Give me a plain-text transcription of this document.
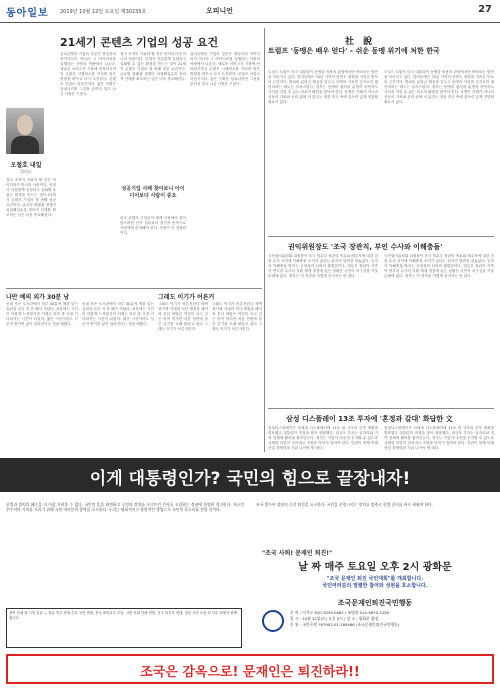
동아일보 2019년 10월 12일 토요일 제30235호	오피니언	27
21세기 콘텐츠 기업의 성공 요건
오철호 내일
일러스
실리콘밸리 기업의 성공은 창업자의 아이디어가 아니라 그 아이디어를 실행하는 사람의 역량에서 나온다. 새로운 서비스가 시장에 안착하기까지 수많은 시행착오를 거치며 팀은 방향을 바꾸고 다시 도전한다. 콘텐츠 산업도 마찬가지다. 좋은 기획은 넘쳐나지만 그것을 끝까지 밀고 나갈 사람은 드물다.
결국 조직이 키워야 할 것은 아이디어가 아니라 사람이다. 인재가 자유롭게 실험하고 실패할 수 있는 환경을 만드는 것이 21세기 콘텐츠 기업의 첫 번째 성공 요건이다. 글로벌 플랫폼 경쟁이 치열해질수록 창의적 인재를 확보하는 일은 더욱 중요해진다.
성공기업 사례 찾아보니 아이디어보다 사람이 중요
한국 콘텐츠 기업들이 세계 시장에서 살아남으려면 단기 성과보다 장기적 안목으로 사람에게 투자해야 한다. 사람이 곧 경쟁력이다.
실리콘밸리 기업의 성공은 창업자의 아이디어가 아니라 그 아이디어를 실행하는 사람의 역량에서 나온다. 새로운 서비스가 시장에 안착하기까지 수많은 시행착오를 거치며 팀은 방향을 바꾸고 다시 도전한다. 콘텐츠 산업도 마찬가지다. 좋은 기획은 넘쳐나지만 그것을 끝까지 밀고 나갈 사람은 드물다.
결국 조직이 키워야 할 것은 아이디어가 아니라 사람이다. 인재가 자유롭게 실험하고 실패할 수 있는 환경을 만드는 것이 21세기 콘텐츠 기업의 첫 번째 성공 요건이다. 글로벌 플랫폼 경쟁이 치열해질수록 창의적 인재를 확보하는 일은 더욱 중요해진다.
나만 예의 외가 30분 낭
동네 작은 도서관에서 하루 30분씩 책을 읽는 습관을 들인 지 한 해가 지났다. 처음에는 시간이 아깝게 느껴졌지만 이제는 하루 중 가장 기다려지는 시간이 되었다. 짧은 시간이라도 꾸준히 쌓이면 삶이 달라진다는 것을 배웠다.
동네 작은 도서관에서 하루 30분씩 책을 읽는 습관을 들인 지 한 해가 지났다. 처음에는 시간이 아깝게 느껴졌지만 이제는 하루 중 가장 기다려지는 시간이 되었다. 짧은 시간이라도 꾸준히 쌓이면 삶이 달라진다는 것을 배웠다.
그래도 이기가 어른거
그래도 이기가 어른거린다 새벽 창가에 기대어 지난 계절을 헤아려 본다 바람은 여전히 차고 길은 아직 멀지만 마음 한켠에 남은 온기를 오래 붙들고 싶다 그래도 이기가 어른거린다.
그래도 이기가 어른거린다 새벽 창가에 기대어 지난 계절을 헤아려 본다 바람은 여전히 차고 길은 아직 멀지만 마음 한켠에 남은 온기를 오래 붙들고 싶다 그래도 이기가 어른거린다.
社 說
트럼프 '동맹은 배우 얻다' – 쉬운 동맹 위기에 처한 한국
도널드 트럼프 미국 대통령이 동맹을 비용의 관점에서만 바라보는 발언을 이어가고 있다. 한미동맹은 70년 가까이 한반도 평화를 지켜온 안보의 근간이다. 방위비 분담금 협상을 앞두고 동맹의 가치를 숫자로만 재단하려는 태도는 우려스럽다. 정부는 동맹의 원칙을 분명히 하면서도 국익을 지킬 수 있는 외교적 해법을 찾아야 한다. 동맹은 거래가 아니라 공동의 가치와 신뢰 위에 서 있다는 점을 미국 측에 설득력 있게 전달할 필요가 있다.
도널드 트럼프 미국 대통령이 동맹을 비용의 관점에서만 바라보는 발언을 이어가고 있다. 한미동맹은 70년 가까이 한반도 평화를 지켜온 안보의 근간이다. 방위비 분담금 협상을 앞두고 동맹의 가치를 숫자로만 재단하려는 태도는 우려스럽다. 정부는 동맹의 원칙을 분명히 하면서도 국익을 지킬 수 있는 외교적 해법을 찾아야 한다. 동맹은 거래가 아니라 공동의 가치와 신뢰 위에 서 있다는 점을 미국 측에 설득력 있게 전달할 필요가 있다.
권익위원장도 '조국 장관직, 부인 수사와 이해충돌'
국민권익위원회 위원장이 조국 법무부 장관의 직무와 배우자에 대한 검찰 수사 사이에 이해충돌 소지가 있다는 취지의 답변을 내놓았다. 공직자 이해충돌 방지는 공정성과 신뢰의 출발점이다. 법무부 장관이 가족이 연루된 수사의 지휘 체계 정점에 있는 상황은 국민의 의구심을 키울 수밖에 없다. 정부는 이 지적을 가볍게 넘겨서는 안 된다.
국민권익위원회 위원장이 조국 법무부 장관의 직무와 배우자에 대한 검찰 수사 사이에 이해충돌 소지가 있다는 취지의 답변을 내놓았다. 공직자 이해충돌 방지는 공정성과 신뢰의 출발점이다. 법무부 장관이 가족이 연루된 수사의 지휘 체계 정점에 있는 상황은 국민의 의구심을 키울 수밖에 없다. 정부는 이 지적을 가볍게 넘겨서는 안 된다.
삼성 디스플레이 13조 투자에 '혼정과 갈대' 화답한 文
삼성디스플레이가 차세대 디스플레이에 13조 원 규모의 투자 계획을 발표했고 대통령이 현장을 찾아 화답했다. 대규모 투자는 일자리와 지역 경제에 활력을 불어넣는다. 정부는 기업이 마음껏 투자할 수 있도록 규제를 과감히 걷어내고 지원을 아끼지 말아야 한다. 민관이 함께 미래 산업 경쟁력을 키워 나가야 할 때다.
삼성디스플레이가 차세대 디스플레이에 13조 원 규모의 투자 계획을 발표했고 대통령이 현장을 찾아 화답했다. 대규모 투자는 일자리와 지역 경제에 활력을 불어넣는다. 정부는 기업이 마음껏 투자할 수 있도록 규제를 과감히 걷어내고 지원을 아끼지 말아야 한다. 민관이 함께 미래 산업 경쟁력을 키워 나가야 할 때다.
이게 대통령인가? 국민의 힘으로 끝장내자!
헌법과 법치의 훼손을 더 이상 지켜볼 수 없다. 국민의 뜻을 외면하고 공정과 정의를 무너뜨린 인사를 고집하는 정권에 분명히 경고한다. 자유민주주의의 가치를 지키기 위해 국민 여러분의 참여를 호소한다. 우리는 평화적이고 합법적인 방법으로 국민의 목소리를 전할 것이다.
조국 법무부 장관의 즉각 퇴진을 요구한다. 국민을 분열시키는 정치를 멈추고 헌법 질서를 바로 세워야 한다.
참여 단체 및 시민 일동 — 자유 민주 헌정 수호 국민 연대, 전국 대학교수 모임, 시민 사회 단체 연합, 전국 학부모 연대, 청년 시민 모임 외 다수 단체가 함께합니다.
"조국 사퇴! 문재인 퇴진!"
날 짜 매주 토요일 오후 2시 광화문
"조국 문재인 퇴진 국민대회"를 개최합니다.
국민여러분의 열렬한 참여와 성원을 호소합니다.
조국문재인퇴진국민행동
문 의 : 이석우 010-3039-0082 / 조병관 010-9879-1226
일 시 : 10월 12일(토) 오후 2시 / 장 소 : 광화문 광장
후 원 : 국민은행 767901-01-169466 (조국문재인퇴진국민행동)
조국은 감옥으로! 문재인은 퇴진하라!!
